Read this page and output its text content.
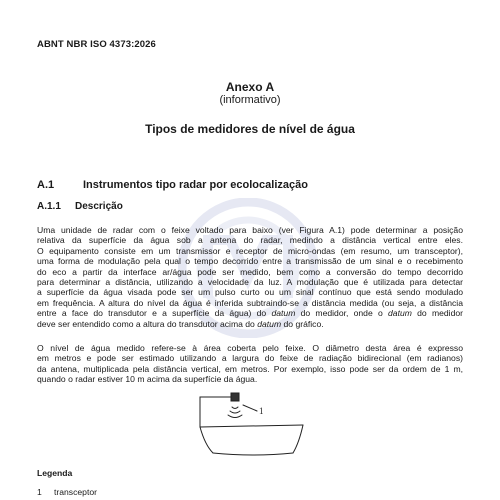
ABNT NBR ISO 4373:2026
Anexo A
(informativo)
Tipos de medidores de nível de água
A.1	Instrumentos tipo radar por ecolocalização
A.1.1 Descrição
Uma unidade de radar com o feixe voltado para baixo (ver Figura A.1) pode determinar a posição
relativa da superfície da água sob a antena do radar, medindo a distância vertical entre eles.
O equipamento consiste em um transmissor e receptor de micro-ondas (em resumo, um transceptor),
uma forma de modulação pela qual o tempo decorrido entre a transmissão de um sinal e o recebimento
do eco a partir da interface ar/água pode ser medido, bem como a conversão do tempo decorrido
para determinar a distância, utilizando a velocidade da luz. A modulação que é utilizada para detectar
a superfície da água visada pode ser um pulso curto ou um sinal contínuo que está sendo modulado
em frequência. A altura do nível da água é inferida subtraindo-se a distância medida (ou seja, a distância
entre a face do transdutor e a superfície da água) do datum do medidor, onde o datum do medidor
deve ser entendido como a altura do transdutor acima do datum do gráfico.
O nível de água medido refere-se à área coberta pelo feixe. O diâmetro desta área é expresso
em metros e pode ser estimado utilizando a largura do feixe de radiação bidirecional (em radianos)
da antena, multiplicada pela distância vertical, em metros. Por exemplo, isso pode ser da ordem de 1 m,
quando o radar estiver 10 m acima da superfície da água.
1
Legenda
1 transceptor
